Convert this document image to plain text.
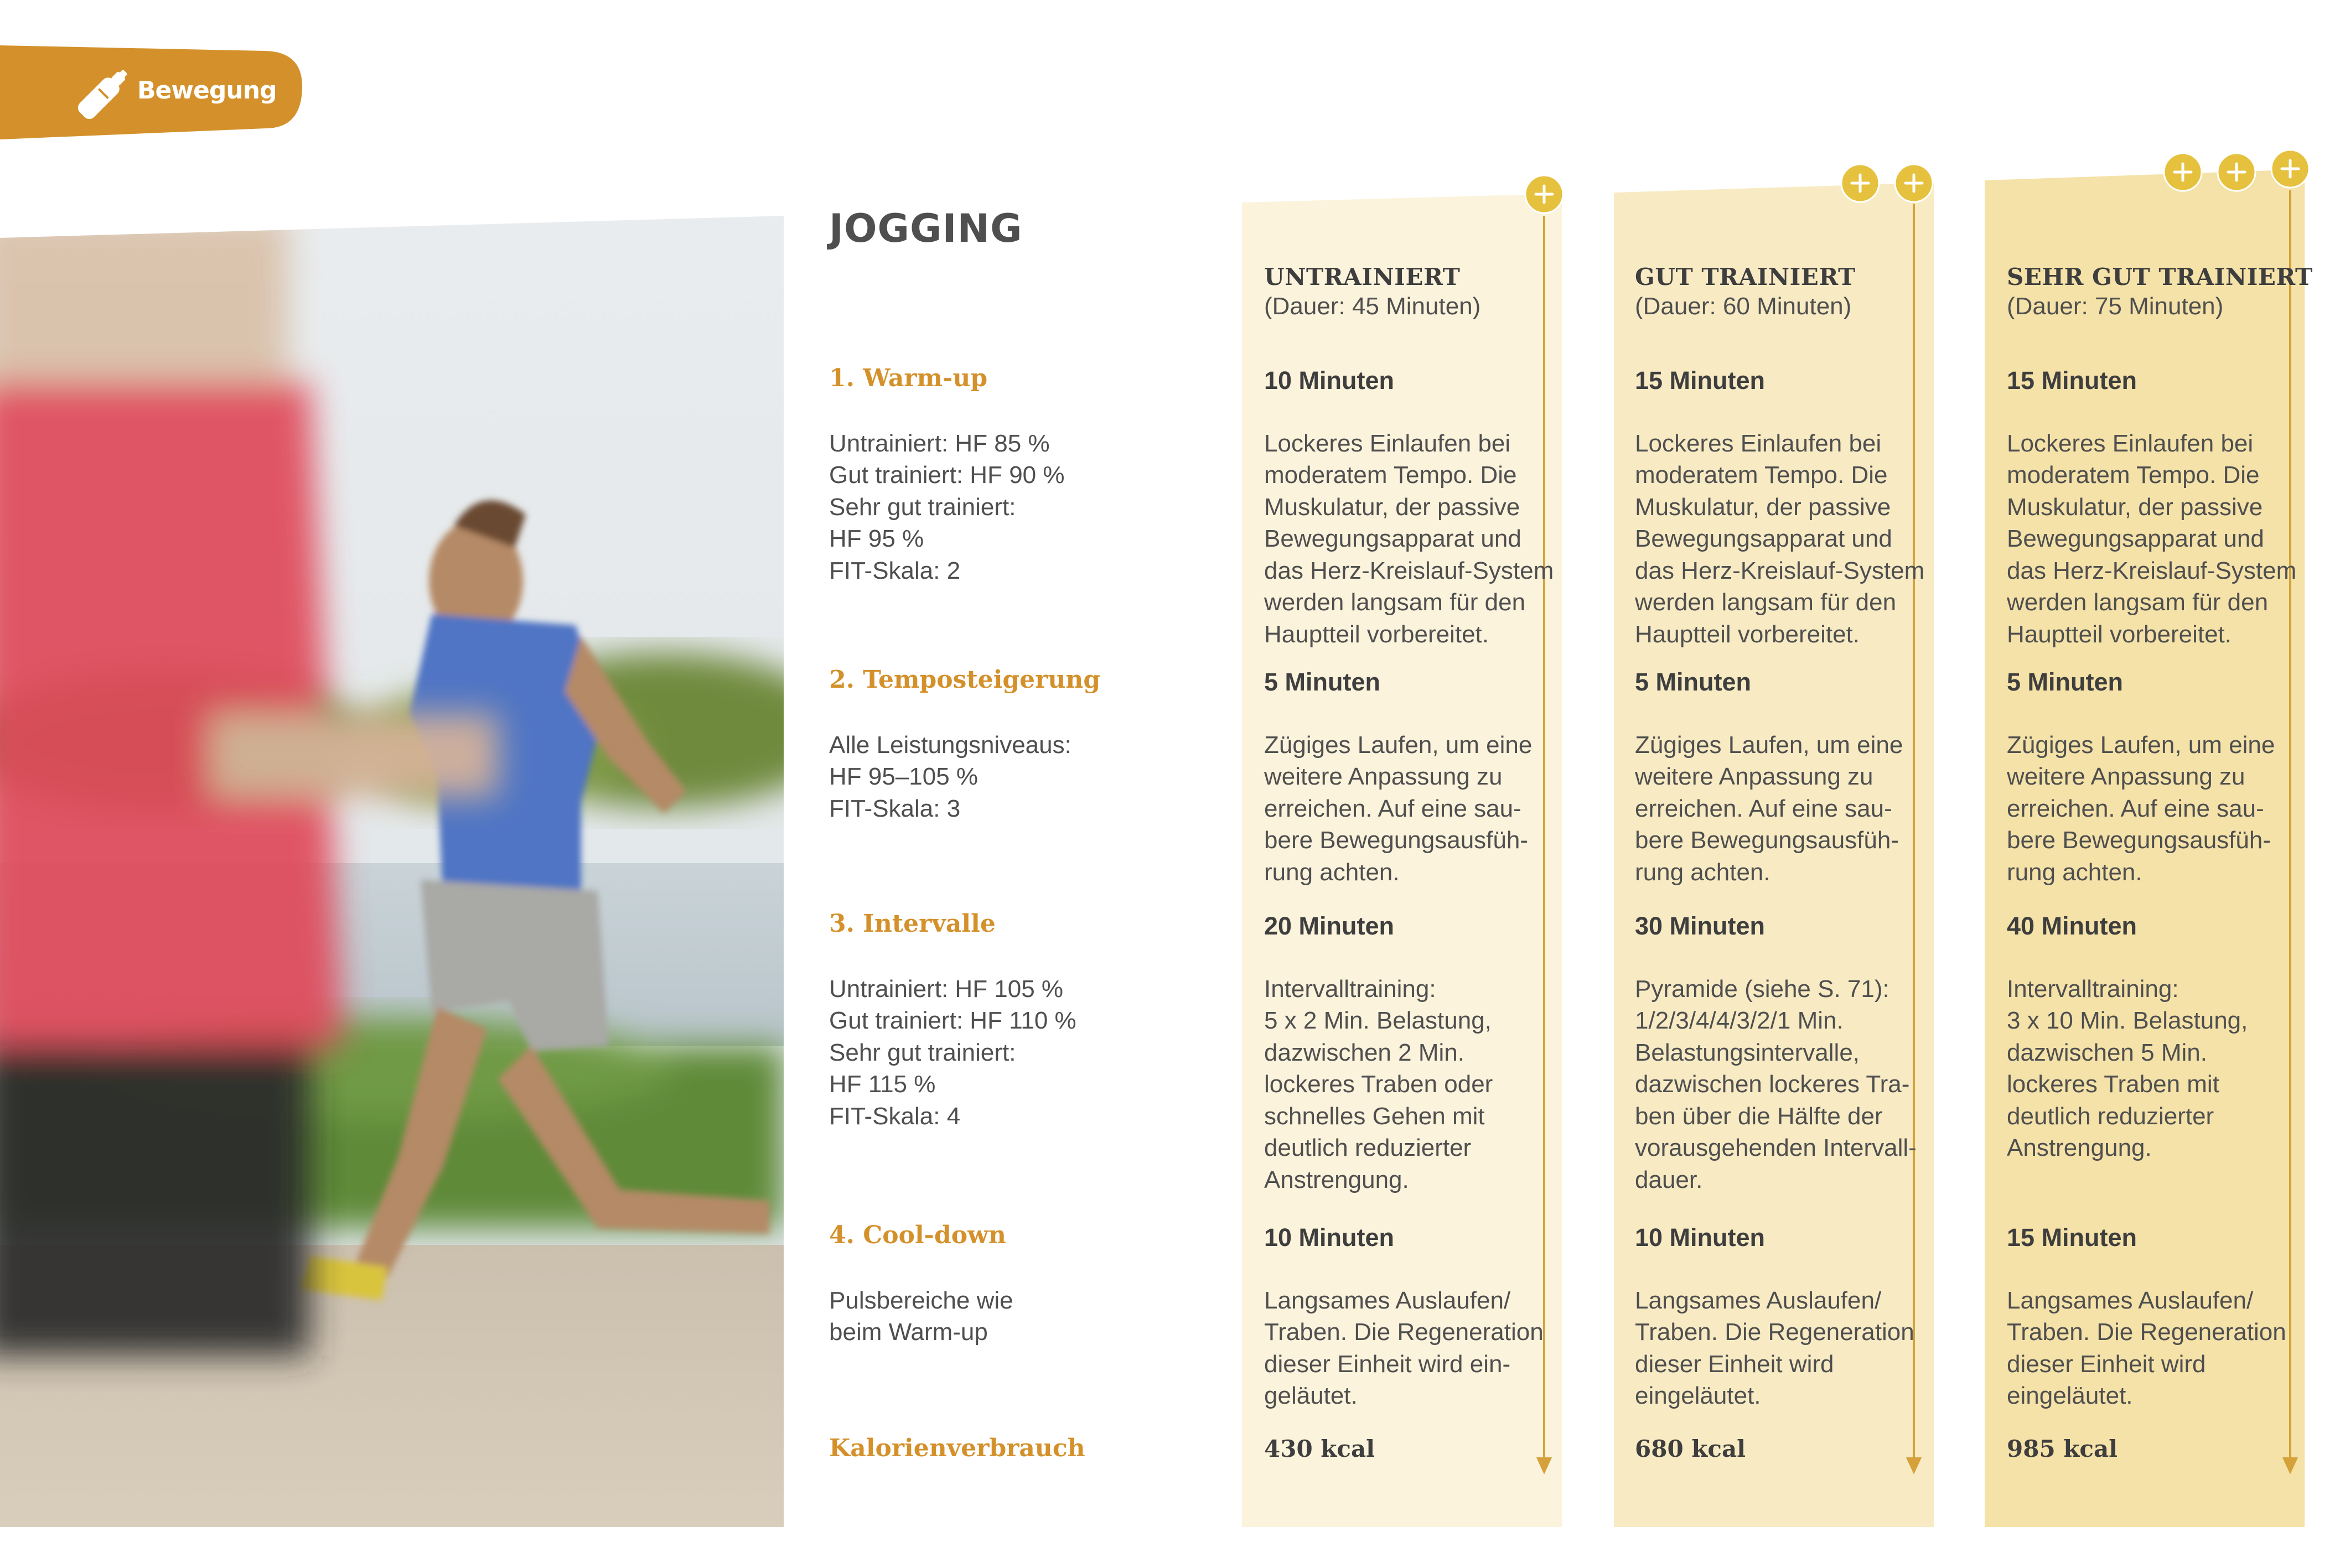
Bewegung
JOGGING
1. Warm-up

Untrainiert: HF 85 %
Gut trainiert: HF 90 %
Sehr gut trainiert:
HF 95 %
FIT-Skala: 2
2. Temposteigerung

Alle Leistungsniveaus:
HF 95–105 %
FIT-Skala: 3
3. Intervalle

Untrainiert: HF 105 %
Gut trainiert: HF 110 %
Sehr gut trainiert:
HF 115 %
FIT-Skala: 4
4. Cool-down

Pulsbereiche wie
beim Warm-up
Kalorienverbrauch
UNTRAINIERT
(Dauer: 45 Minuten)
10 Minuten

Lockeres Einlaufen bei
moderatem Tempo. Die
Muskulatur, der passive
Bewegungsapparat und
das Herz-Kreislauf-System
werden langsam für den
Hauptteil vorbereitet.
5 Minuten

Zügiges Laufen, um eine
weitere Anpassung zu
erreichen. Auf eine sau-
bere Bewegungsausfüh-
rung achten.
20 Minuten

Intervalltraining:
5 x 2 Min. Belastung,
dazwischen 2 Min.
lockeres Traben oder
schnelles Gehen mit
deutlich reduzierter
Anstrengung.
10 Minuten

Langsames Auslaufen/
Traben. Die Regeneration
dieser Einheit wird ein-
geläutet.
430 kcal
GUT TRAINIERT
(Dauer: 60 Minuten)
15 Minuten

Lockeres Einlaufen bei
moderatem Tempo. Die
Muskulatur, der passive
Bewegungsapparat und
das Herz-Kreislauf-System
werden langsam für den
Hauptteil vorbereitet.
5 Minuten

Zügiges Laufen, um eine
weitere Anpassung zu
erreichen. Auf eine sau-
bere Bewegungsausfüh-
rung achten.
30 Minuten

Pyramide (siehe S. 71):
1/2/3/4/4/3/2/1 Min.
Belastungsintervalle,
dazwischen lockeres Tra-
ben über die Hälfte der
vorausgehenden Intervall-
dauer.
10 Minuten

Langsames Auslaufen/
Traben. Die Regeneration
dieser Einheit wird
eingeläutet.
680 kcal
SEHR GUT TRAINIERT
(Dauer: 75 Minuten)
15 Minuten

Lockeres Einlaufen bei
moderatem Tempo. Die
Muskulatur, der passive
Bewegungsapparat und
das Herz-Kreislauf-System
werden langsam für den
Hauptteil vorbereitet.
5 Minuten

Zügiges Laufen, um eine
weitere Anpassung zu
erreichen. Auf eine sau-
bere Bewegungsausfüh-
rung achten.
40 Minuten

Intervalltraining:
3 x 10 Min. Belastung,
dazwischen 5 Min.
lockeres Traben mit
deutlich reduzierter
Anstrengung.
15 Minuten

Langsames Auslaufen/
Traben. Die Regeneration
dieser Einheit wird
eingeläutet.
985 kcal
